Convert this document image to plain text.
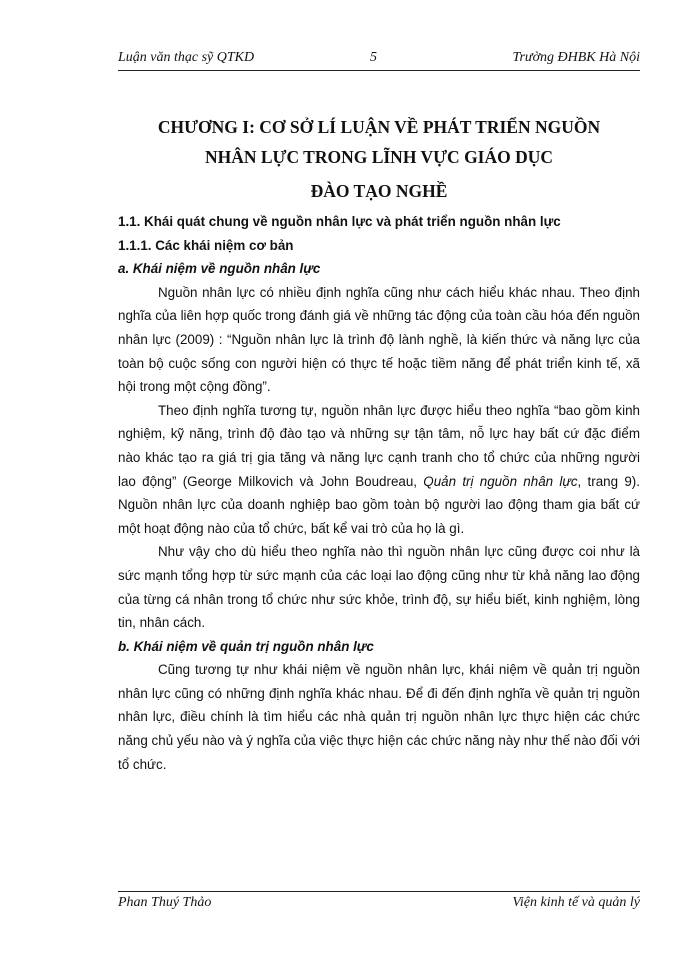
Luận văn thạc sỹ QTKD	5	Trường ĐHBK Hà Nội
CHƯƠNG I: CƠ SỞ LÍ LUẬN VỀ PHÁT TRIỂN NGUỒN
NHÂN LỰC TRONG LĨNH VỰC GIÁO DỤC
ĐÀO TẠO NGHỀ
1.1. Khái quát chung về nguồn nhân lực và phát triển nguồn nhân lực
1.1.1. Các khái niệm cơ bản
a. Khái niệm về nguồn nhân lực

Nguồn nhân lực có nhiều định nghĩa cũng như cách hiểu khác nhau. Theo định nghĩa của liên hợp quốc trong đánh giá về những tác động của toàn cầu hóa đến nguồn nhân lực (2009) : “Nguồn nhân lực là trình độ lành nghề, là kiến thức và năng lực của toàn bộ cuộc sống con người hiện có thực tế hoặc tiềm năng để phát triển kinh tế, xã hội trong một cộng đồng”.

Theo định nghĩa tương tự, nguồn nhân lực được hiểu theo nghĩa “bao gồm kinh nghiệm, kỹ năng, trình độ đào tạo và những sự tận tâm, nỗ lực hay bất cứ đặc điểm nào khác tạo ra giá trị gia tăng và năng lực cạnh tranh cho tổ chức của những người lao động” (George Milkovich và John Boudreau, Quản trị nguồn nhân lực, trang 9). Nguồn nhân lực của doanh nghiệp bao gồm toàn bộ người lao động tham gia bất cứ một hoạt động nào của tổ chức, bất kể vai trò của họ là gì.

Như vậy cho dù hiểu theo nghĩa nào thì nguồn nhân lực cũng được coi như là sức mạnh tổng hợp từ sức mạnh của các loại lao động cũng như từ khả năng lao động của từng cá nhân trong tổ chức như sức khỏe, trình độ, sự hiểu biết, kinh nghiệm, lòng tin, nhân cách.

b. Khái niệm về quản trị nguồn nhân lực

Cũng tương tự như khái niệm về nguồn nhân lực, khái niệm về quản trị nguồn nhân lực cũng có những định nghĩa khác nhau. Để đi đến định nghĩa về quản trị nguồn nhân lực, điều chính là tìm hiểu các nhà quản trị nguồn nhân lực thực hiện các chức năng chủ yếu nào và ý nghĩa của việc thực hiện các chức năng này như thế nào đối với tổ chức.

Phan Thuý Thảo	Viện kinh tế và quản lý
